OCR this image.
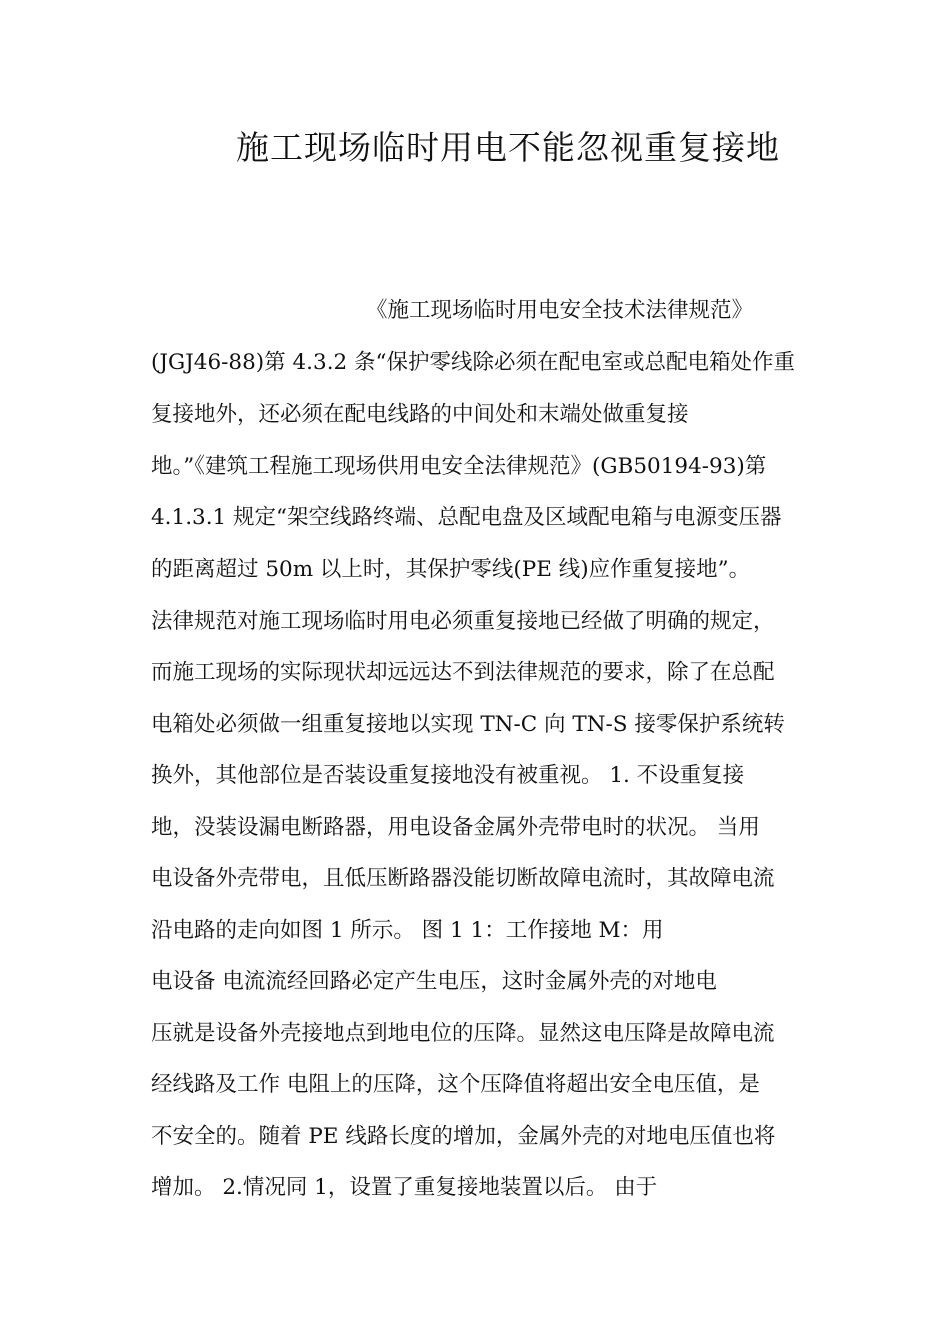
施工现场临时用电不能忽视重复接地
《施工现场临时用电安全技术法律规范》
(JGJ46-88)第 4.3.2 条“保护零线除必须在配电室或总配电箱处作重
复接地外，还必须在配电线路的中间处和末端处做重复接
地。”《建筑工程施工现场供用电安全法律规范》(GB50194-93)第
4.1.3.1 规定“架空线路终端、总配电盘及区域配电箱与电源变压器
的距离超过 50m 以上时，其保护零线(PE 线)应作重复接地”。
法律规范对施工现场临时用电必须重复接地已经做了明确的规定，
而施工现场的实际现状却远远达不到法律规范的要求，除了在总配
电箱处必须做一组重复接地以实现 TN-C 向 TN-S 接零保护系统转
换外，其他部位是否装设重复接地没有被重视。 1. 不设重复接
地，没装设漏电断路器，用电设备金属外壳带电时的状况。 当用
电设备外壳带电，且低压断路器没能切断故障电流时，其故障电流
沿电路的走向如图 1 所示。 图 1 1：工作接地 M：用
电设备 电流流经回路必定产生电压，这时金属外壳的对地电
压就是设备外壳接地点到地电位的压降。显然这电压降是故障电流
经线路及工作 电阻上的压降，这个压降值将超出安全电压值，是
不安全的。随着 PE 线路长度的增加，金属外壳的对地电压值也将
增加。 2.情况同 1，设置了重复接地装置以后。 由于
